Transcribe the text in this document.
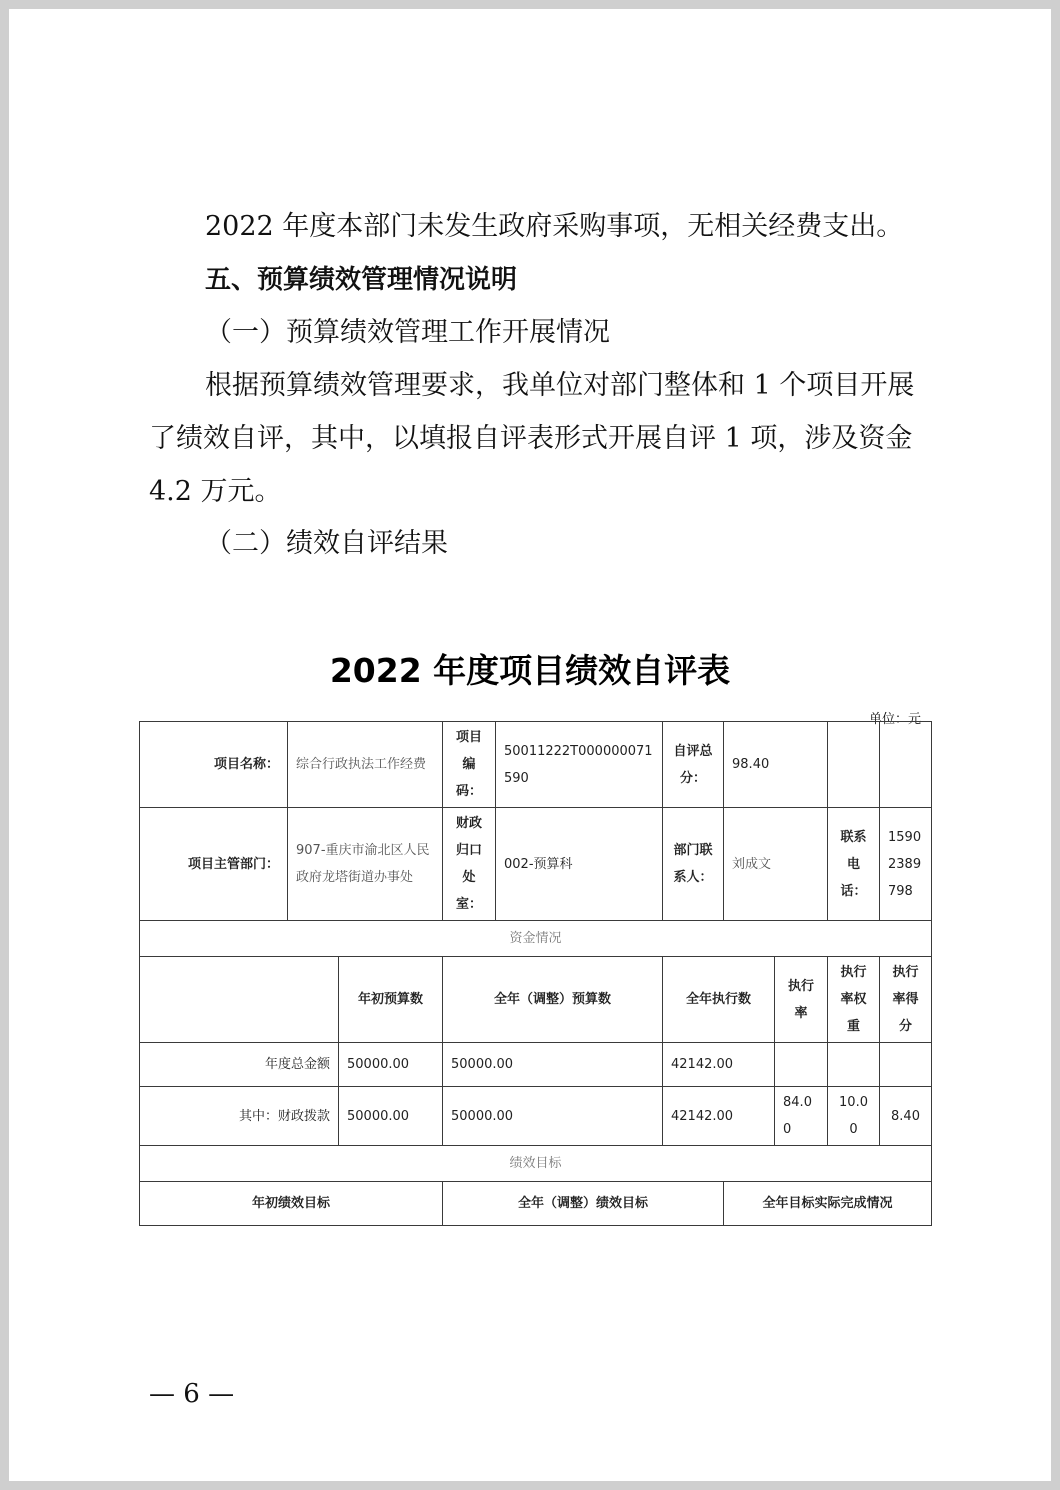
2022 年度本部门未发生政府采购事项，无相关经费支出。

五、预算绩效管理情况说明

（一）预算绩效管理工作开展情况

根据预算绩效管理要求，我单位对部门整体和 1 个项目开展

了绩效自评，其中，以填报自评表形式开展自评 1 项，涉及资金

4.2 万元。

（二）绩效自评结果

2022 年度项目绩效自评表
单位：元
项目名称：	综合行政执法工作经费		项目编码：	50011222T000000071590	自评总分：	98.40			
项目主管部门：	907-重庆市渝北区人民政府龙塔街道办事处		财政归口处室：	002-预算科	部门联系人：	刘成文		联系电话：	15902389798
资金情况									
		年初预算数	全年（调整）预算数		全年执行数		执行率	执行率权重	执行率得分
年度总金额		50000.00	50000.00		42142.00				
其中：财政拨款		50000.00	50000.00		42142.00		84.00	10.00	8.40
绩效目标									
年初绩效目标			全年（调整）绩效目标			全年目标实际完成情况			
— 6 —
